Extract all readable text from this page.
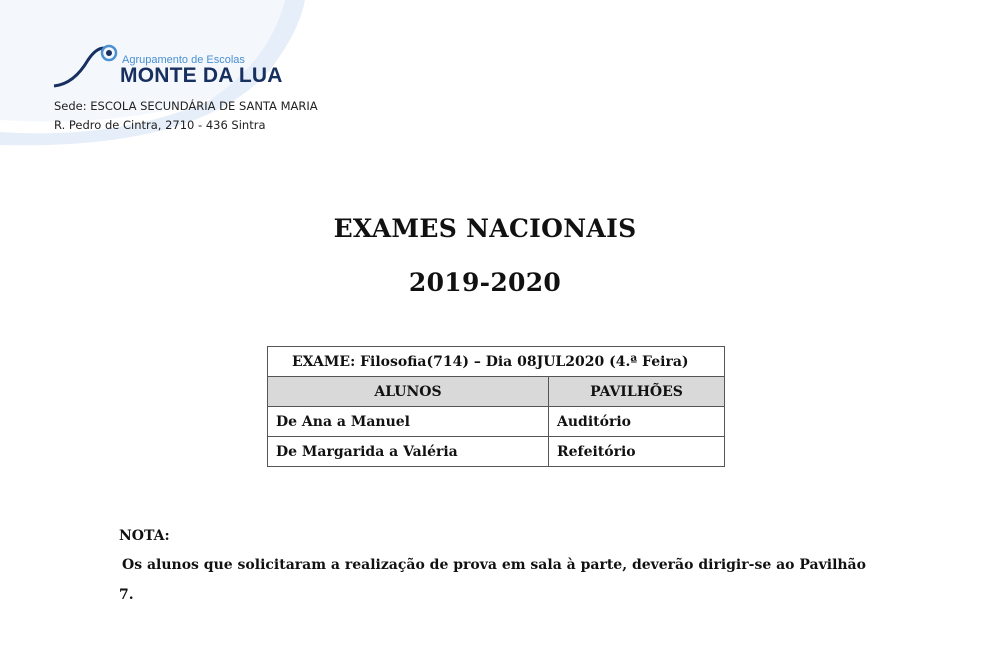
Agrupamento de Escolas
MONTE DA LUA
Sede: ESCOLA SECUNDÁRIA DE SANTA MARIA
R. Pedro de Cintra, 2710 - 436 Sintra
EXAMES NACIONAIS
2019-2020
EXAME: Filosofia(714) – Dia 08JUL2020 (4.ª Feira)	
ALUNOS	PAVILHÕES
De Ana a Manuel	Auditório
De Margarida a Valéria	Refeitório
NOTA:
Os alunos que solicitaram a realização de prova em sala à parte, deverão dirigir-se ao Pavilhão
7.
